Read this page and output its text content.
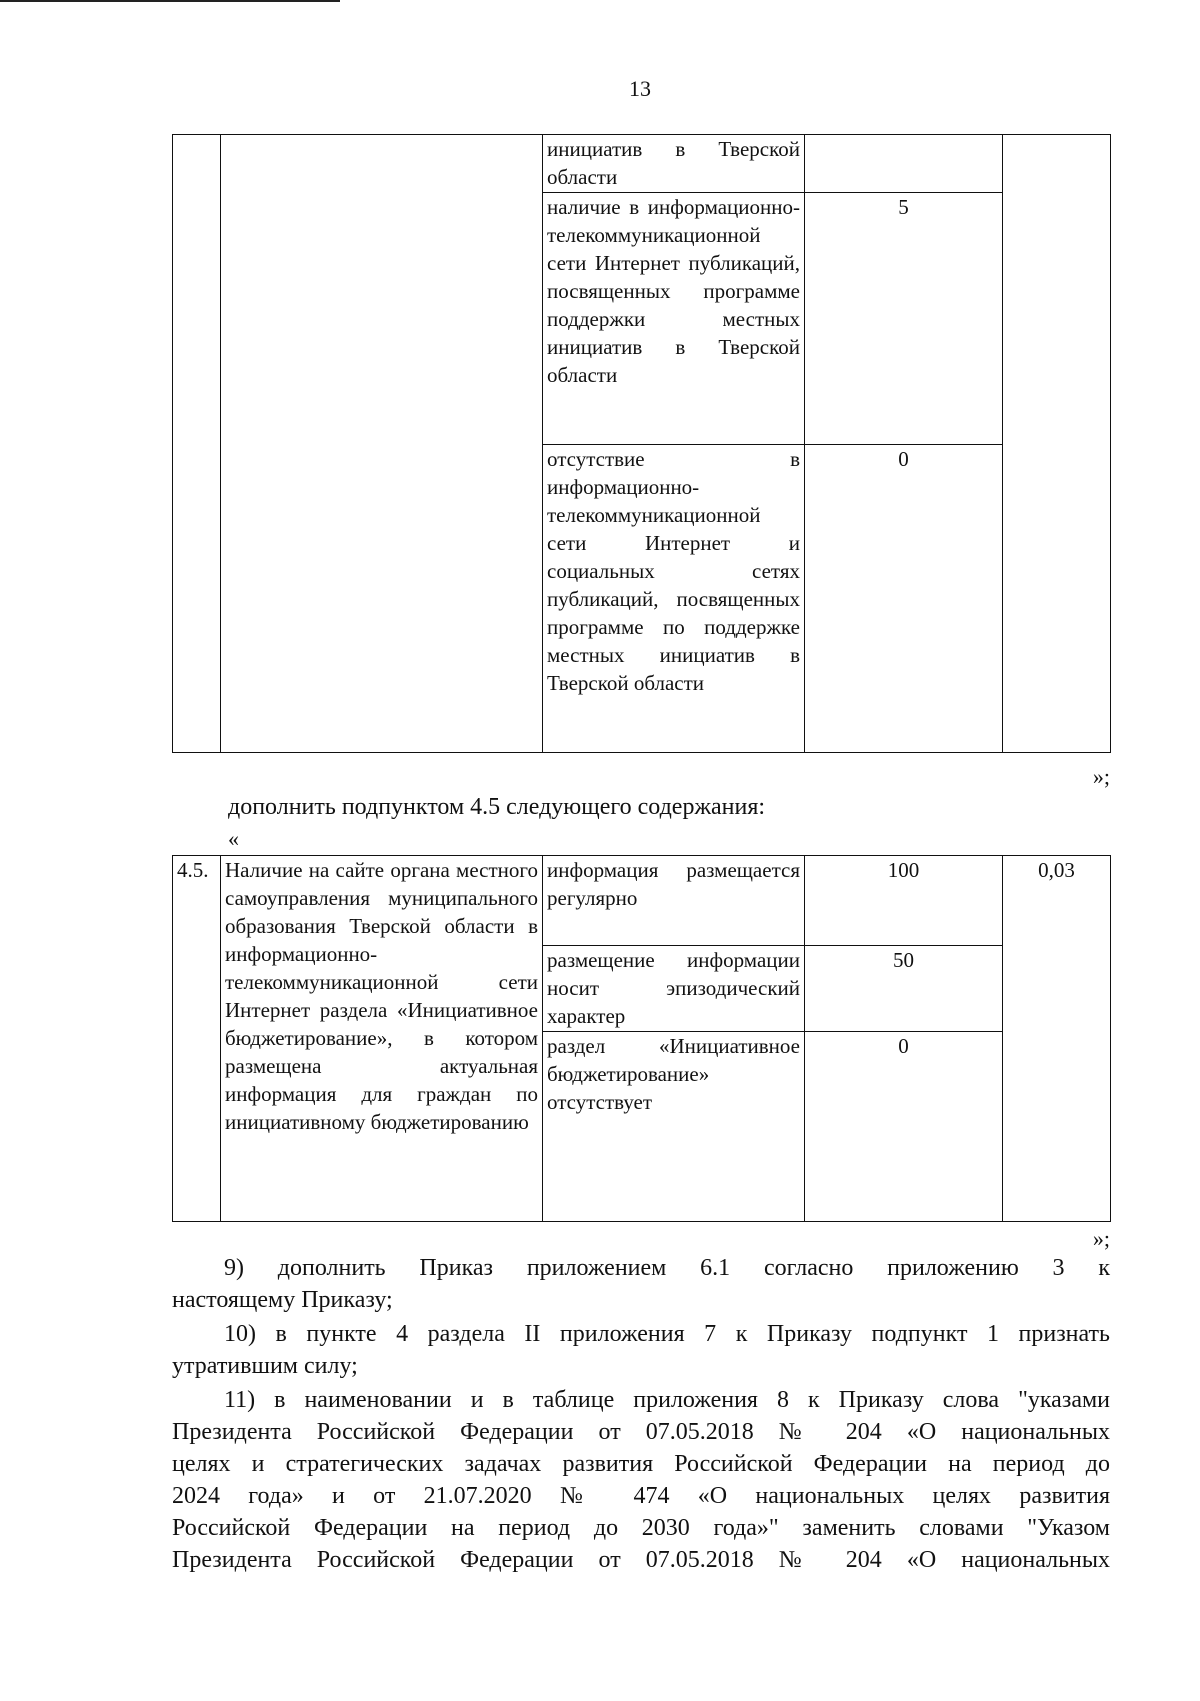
13
		инициатив в Тверской области		
		наличие в информационно-телекоммуникационной сети Интернет публикаций, посвященных программе поддержки местных инициатив в Тверской области	5	
		отсутствие в информационно-телекоммуникационной сети Интернет и социальных сетях публикаций, посвященных программе по поддержке местных инициатив в Тверской области	0	
»;
дополнить подпунктом 4.5 следующего содержания:
«
4.5.	Наличие на сайте органа местного самоуправления муниципального образования Тверской области в информационно-телекоммуникационной сети Интернет раздела «Инициативное бюджетирование», в котором размещена актуальная информация для граждан по инициативному бюджетированию	информация размещается регулярно	100	0,03
		размещение информации носит эпизодический характер	50	
		раздел «Инициативное бюджетирование» отсутствует	0	
»;
9) дополнить Приказ приложением 6.1 согласно приложению 3 к
настоящему Приказу;
10) в пункте 4 раздела II приложения 7 к Приказу подпункт 1 признать
утратившим силу;
11) в наименовании и в таблице приложения 8 к Приказу слова "указами
Президента Российской Федерации от 07.05.2018 № 204 «О национальных
целях и стратегических задачах развития Российской Федерации на период до
2024 года» и от 21.07.2020 № 474 «О национальных целях развития
Российской Федерации на период до 2030 года»" заменить словами "Указом
Президента Российской Федерации от 07.05.2018 № 204 «О национальных
